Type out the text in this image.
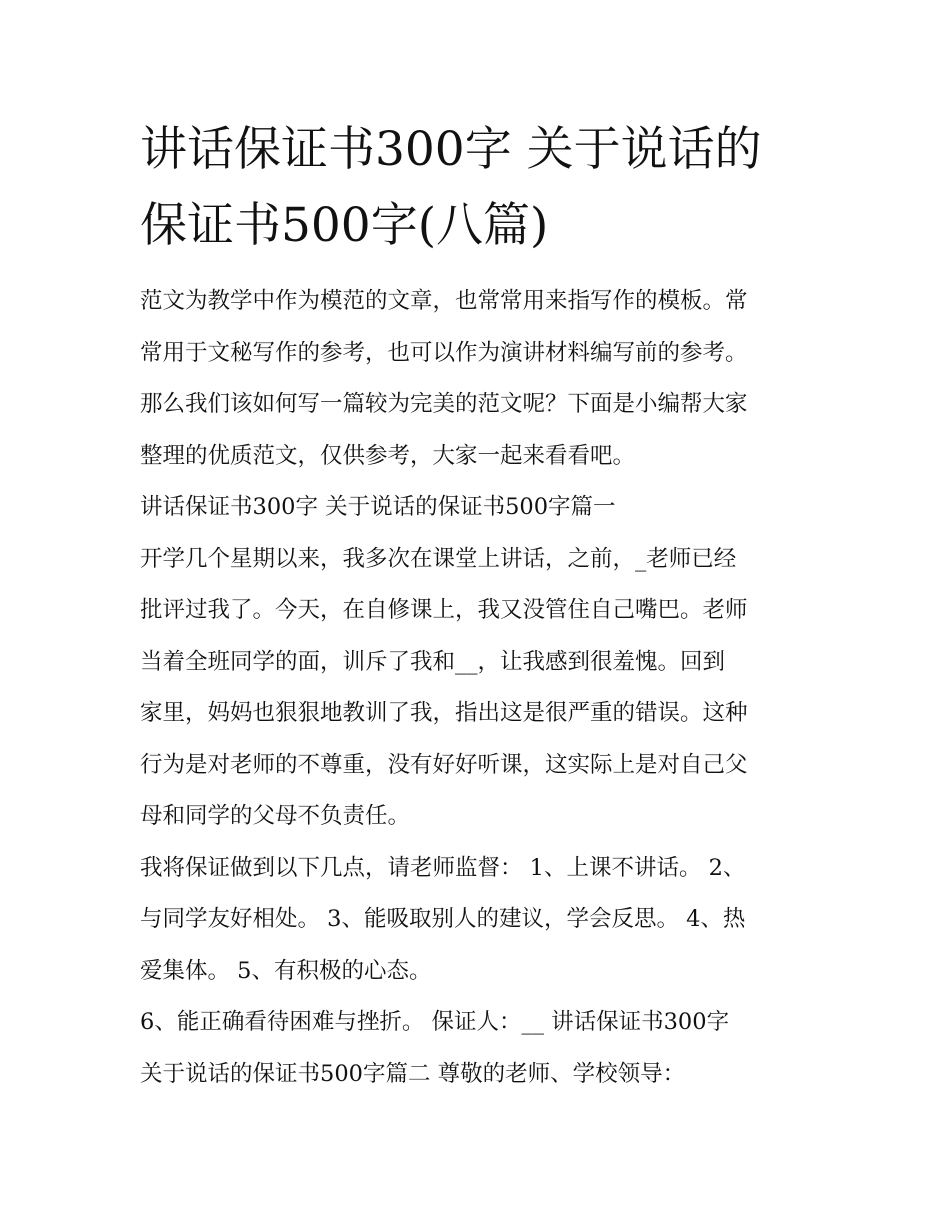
讲话保证书300字 关于说话的
保证书500字(八篇)

范文为教学中作为模范的文章，也常常用来指写作的模板。常
常用于文秘写作的参考，也可以作为演讲材料编写前的参考。
那么我们该如何写一篇较为完美的范文呢？下面是小编帮大家
整理的优质范文，仅供参考，大家一起来看看吧。

讲话保证书300字 关于说话的保证书500字篇一

开学几个星期以来，我多次在课堂上讲话，之前，_老师已经
批评过我了。今天，在自修课上，我又没管住自己嘴巴。老师
当着全班同学的面，训斥了我和__，让我感到很羞愧。回到
家里，妈妈也狠狠地教训了我，指出这是很严重的错误。这种
行为是对老师的不尊重，没有好好听课，这实际上是对自己父
母和同学的父母不负责任。

我将保证做到以下几点，请老师监督： 1、上课不讲话。 2、
与同学友好相处。 3、能吸取别人的建议，学会反思。 4、热
爱集体。 5、有积极的心态。

6、能正确看待困难与挫折。 保证人：__ 讲话保证书300字
关于说话的保证书500字篇二 尊敬的老师、学校领导：
